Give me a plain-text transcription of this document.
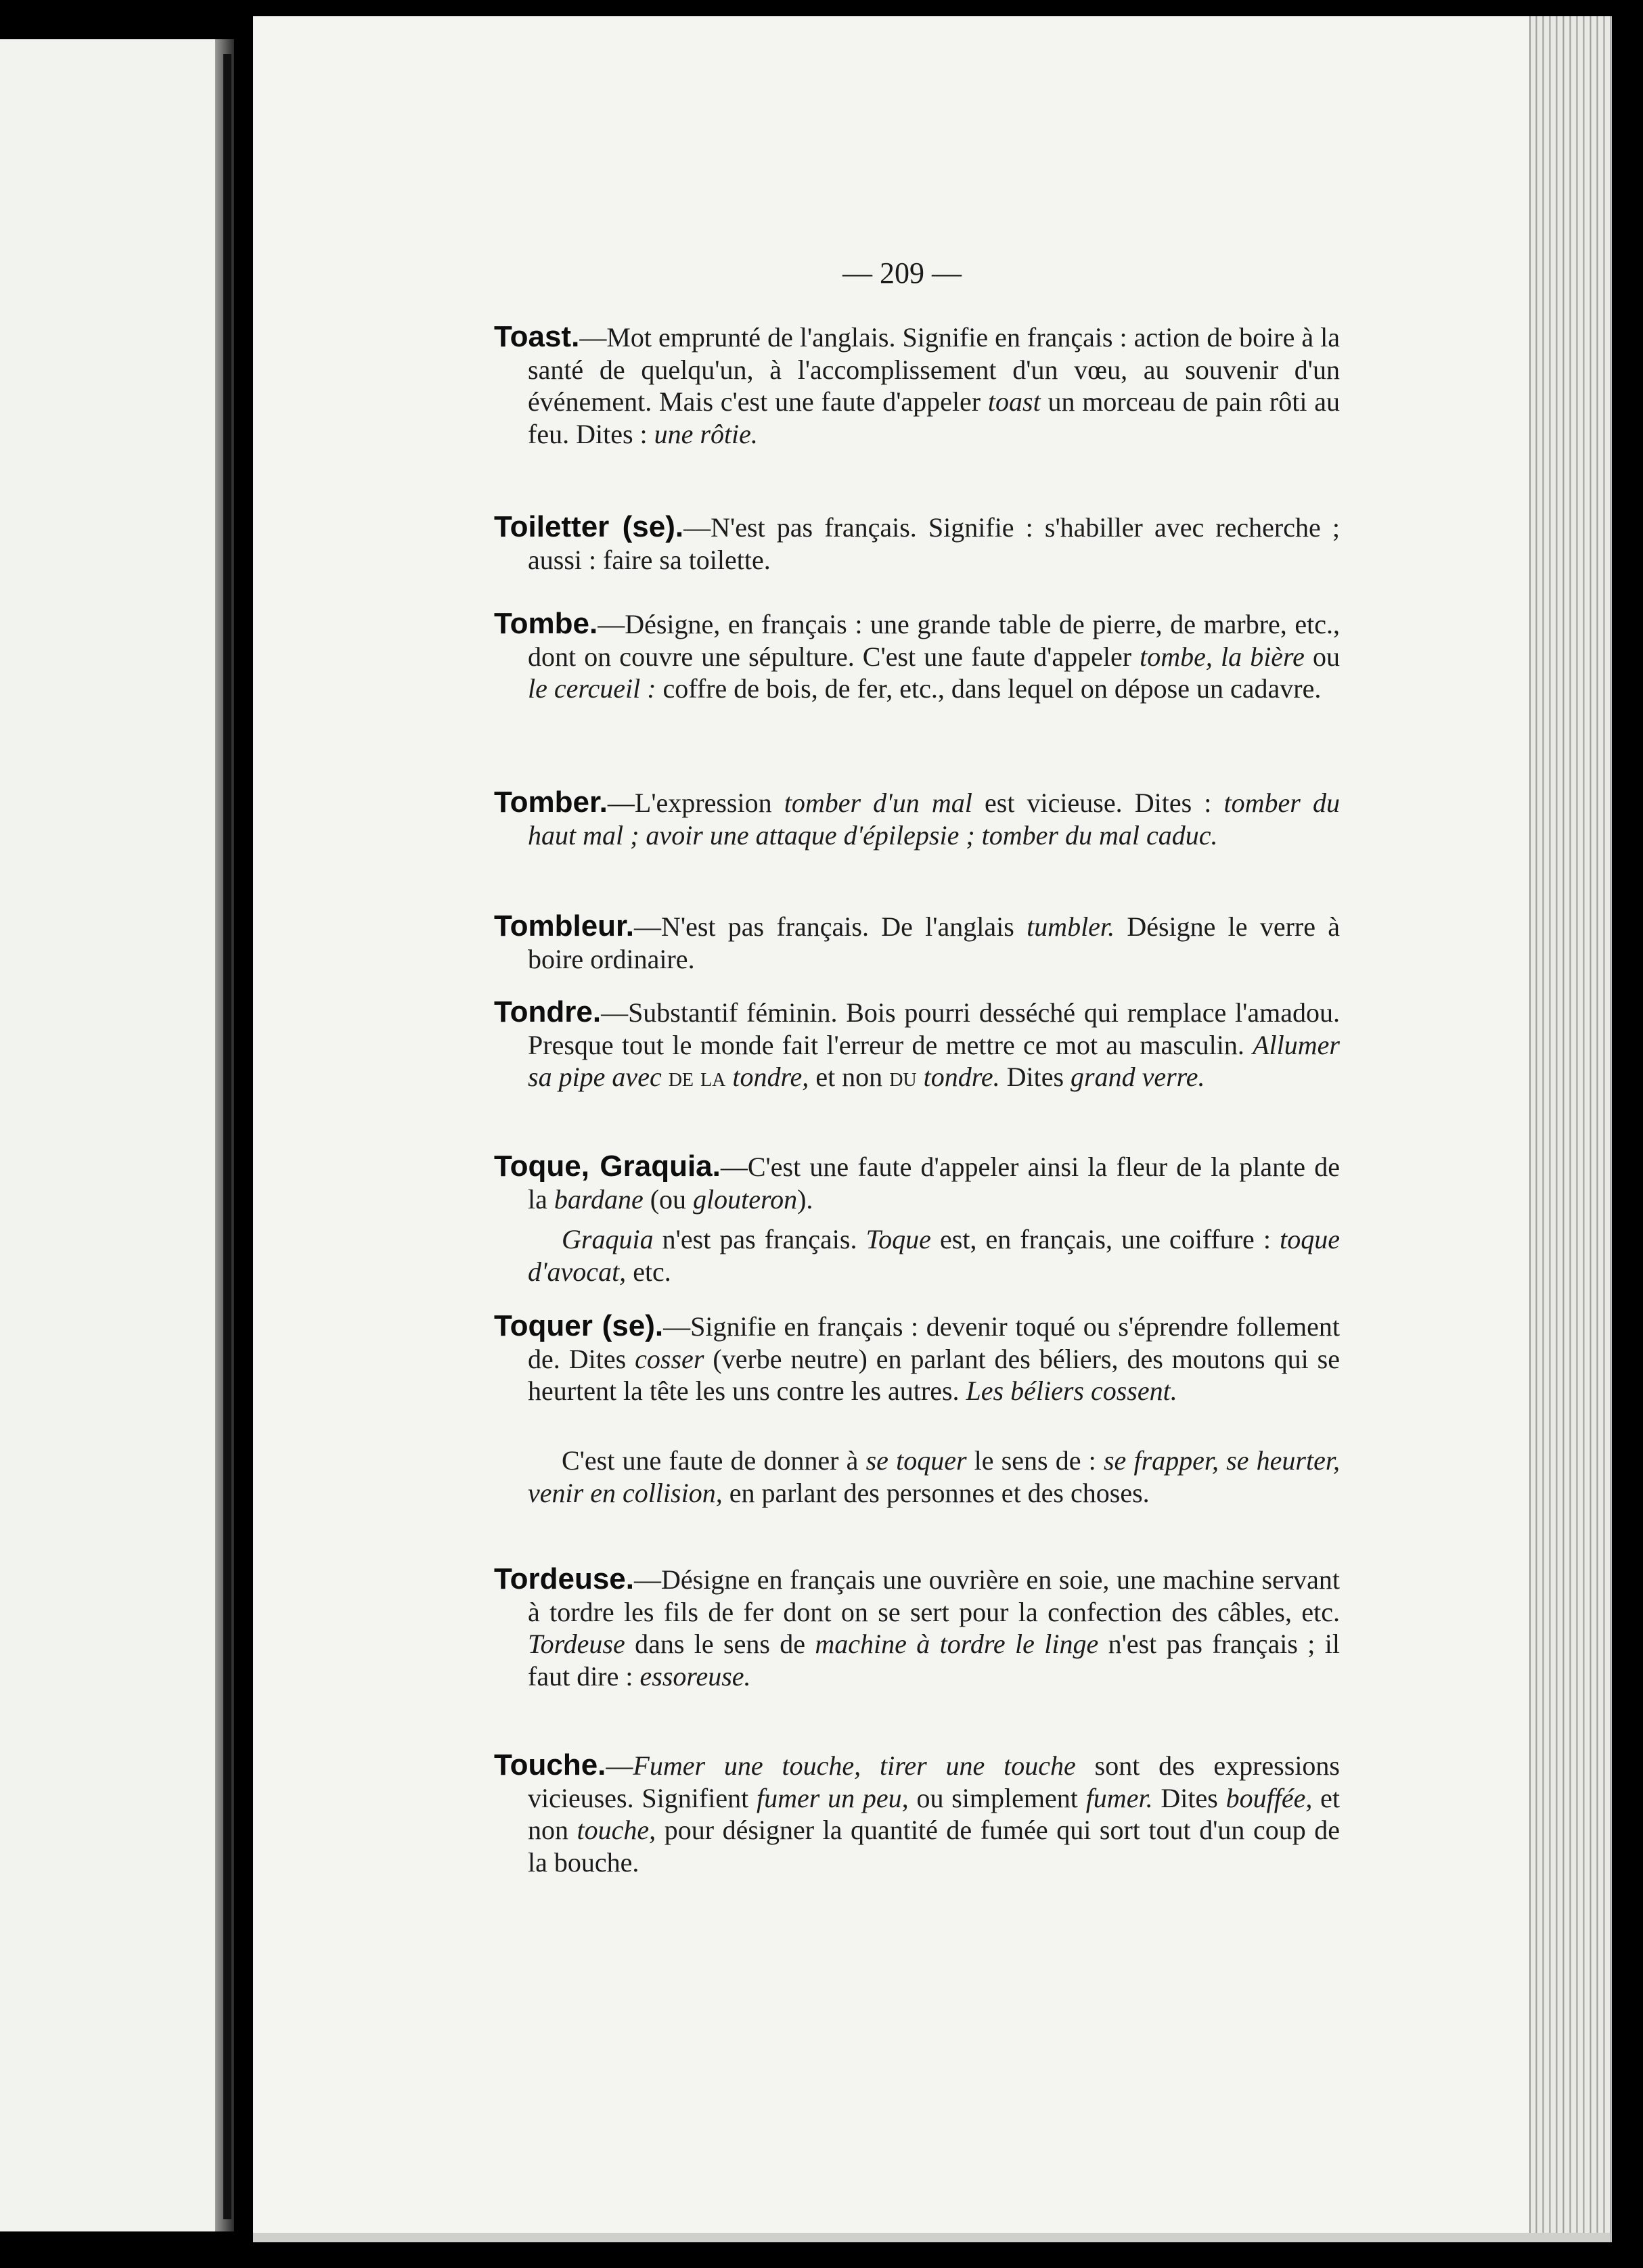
— 209 —
Toast.—Mot emprunté de l'anglais. Signifie en français : action de boire à la santé de quelqu'un, à l'accomplissement d'un vœu, au souvenir d'un événement. Mais c'est une faute d'appeler toast un morceau de pain rôti au feu. Dites : une rôtie.
Toiletter (se).—N'est pas français. Signifie : s'habiller avec recherche ; aussi : faire sa toilette.
Tombe.—Désigne, en français : une grande table de pierre, de marbre, etc., dont on couvre une sépulture. C'est une faute d'appeler tombe, la bière ou le cercueil : coffre de bois, de fer, etc., dans lequel on dépose un cadavre.
Tomber.—L'expression tomber d'un mal est vicieuse. Dites : tomber du haut mal ; avoir une attaque d'épilepsie ; tomber du mal caduc.
Tombleur.—N'est pas français. De l'anglais tumbler. Désigne le verre à boire ordinaire.
Tondre.—Substantif féminin. Bois pourri desséché qui remplace l'amadou. Presque tout le monde fait l'erreur de mettre ce mot au masculin. Allumer sa pipe avec de la tondre, et non du tondre. Dites grand verre.
Toque, Graquia.—C'est une faute d'appeler ainsi la fleur de la plante de la bardane (ou glouteron).
Graquia n'est pas français. Toque est, en français, une coiffure : toque d'avocat, etc.
Toquer (se).—Signifie en français : devenir toqué ou s'éprendre follement de. Dites cosser (verbe neutre) en parlant des béliers, des moutons qui se heurtent la tête les uns contre les autres. Les béliers cossent.
C'est une faute de donner à se toquer le sens de : se frapper, se heurter, venir en collision, en parlant des personnes et des choses.
Tordeuse.—Désigne en français une ouvrière en soie, une machine servant à tordre les fils de fer dont on se sert pour la confection des câbles, etc. Tordeuse dans le sens de machine à tordre le linge n'est pas français ; il faut dire : essoreuse.
Touche.—Fumer une touche, tirer une touche sont des expressions vicieuses. Signifient fumer un peu, ou simplement fumer. Dites bouffée, et non touche, pour désigner la quantité de fumée qui sort tout d'un coup de la bouche.
